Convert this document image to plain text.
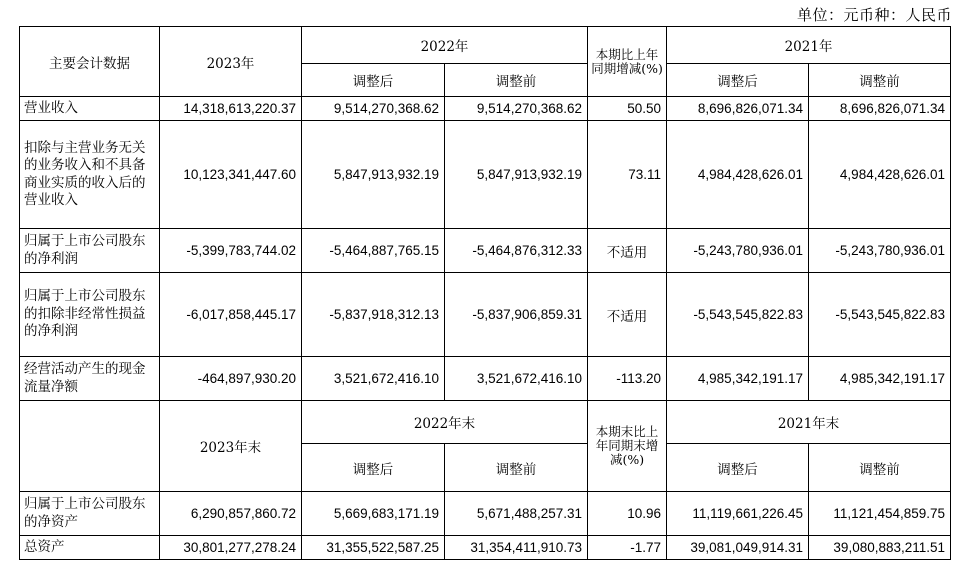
单位：元币种：人民币
主要会计数据	2023年	2022年		本期比上年同期增减(%)	2021年	
		调整后	调整前		调整后	调整前
营业收入	14,318,613,220.37	9,514,270,368.62	9,514,270,368.62	50.50	8,696,826,071.34	8,696,826,071.34
扣除与主营业务无关的业务收入和不具备商业实质的收入后的营业收入	10,123,341,447.60	5,847,913,932.19	5,847,913,932.19	73.11	4,984,428,626.01	4,984,428,626.01
归属于上市公司股东的净利润	-5,399,783,744.02	-5,464,887,765.15	-5,464,876,312.33	不适用	-5,243,780,936.01	-5,243,780,936.01
归属于上市公司股东的扣除非经常性损益的净利润	-6,017,858,445.17	-5,837,918,312.13	-5,837,906,859.31	不适用	-5,543,545,822.83	-5,543,545,822.83
经营活动产生的现金流量净额	-464,897,930.20	3,521,672,416.10	3,521,672,416.10	-113.20	4,985,342,191.17	4,985,342,191.17
	2023年末	2022年末		本期末比上年同期末增减(%)	2021年末	
		调整后	调整前		调整后	调整前
归属于上市公司股东的净资产	6,290,857,860.72	5,669,683,171.19	5,671,488,257.31	10.96	11,119,661,226.45	11,121,454,859.75
总资产	30,801,277,278.24	31,355,522,587.25	31,354,411,910.73	-1.77	39,081,049,914.31	39,080,883,211.51
